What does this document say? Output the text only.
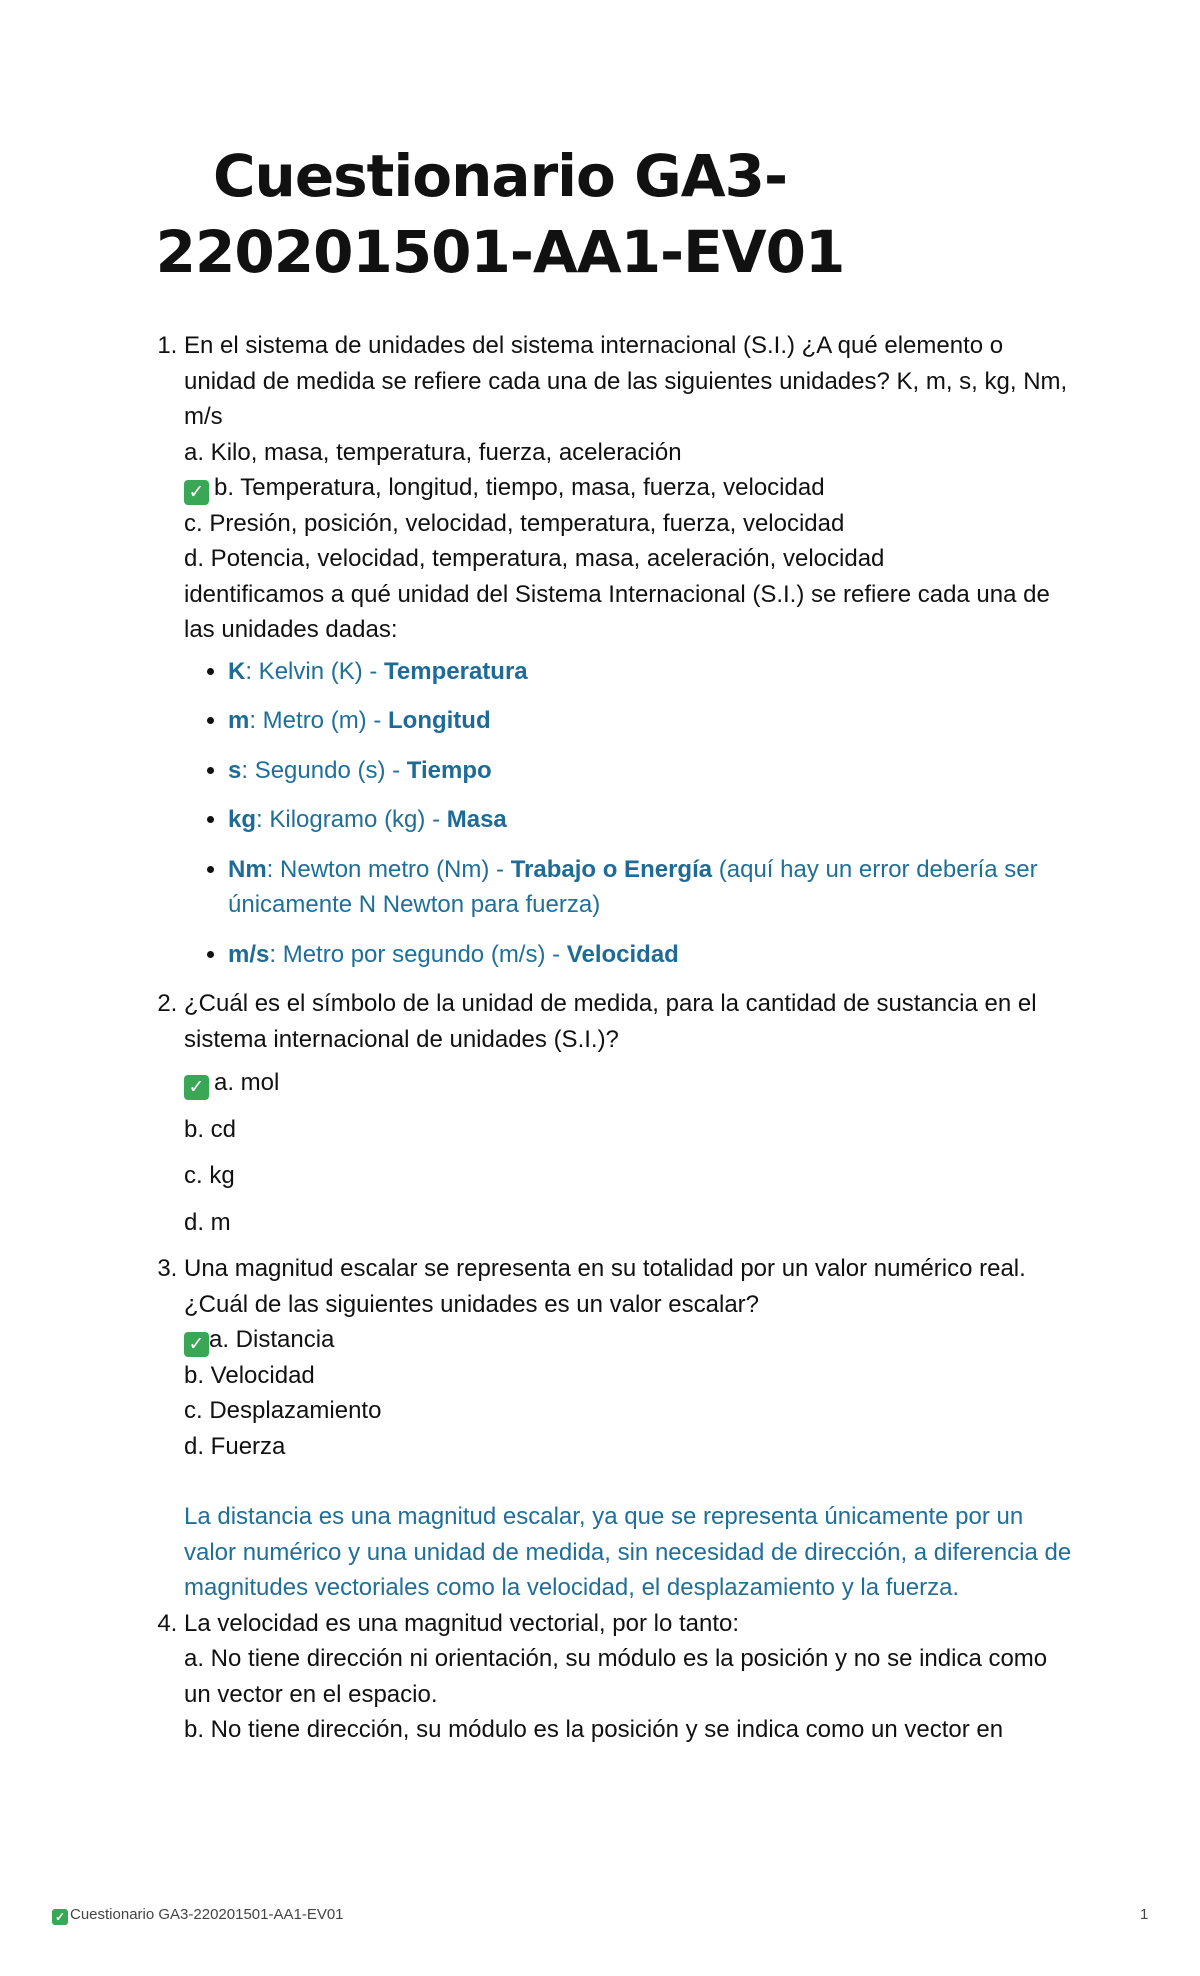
Cuestionario GA3-220201501-AA1-EV01
1. En el sistema de unidades del sistema internacional (S.I.) ¿A qué elemento o unidad de medida se refiere cada una de las siguientes unidades? K, m, s, kg, Nm, m/s
a. Kilo, masa, temperatura, fuerza, aceleración
✓ b. Temperatura, longitud, tiempo, masa, fuerza, velocidad
c. Presión, posición, velocidad, temperatura, fuerza, velocidad
d. Potencia, velocidad, temperatura, masa, aceleración, velocidad
identificamos a qué unidad del Sistema Internacional (S.I.) se refiere cada una de las unidades dadas:
• K: Kelvin (K) - Temperatura
• m: Metro (m) - Longitud
• s: Segundo (s) - Tiempo
• kg: Kilogramo (kg) - Masa
• Nm: Newton metro (Nm) - Trabajo o Energía (aquí hay un error debería ser únicamente N Newton para fuerza)
• m/s: Metro por segundo (m/s) - Velocidad
2. ¿Cuál es el símbolo de la unidad de medida, para la cantidad de sustancia en el sistema internacional de unidades (S.I.)?
✓ a. mol
b. cd
c. kg
d. m
3. Una magnitud escalar se representa en su totalidad por un valor numérico real. ¿Cuál de las siguientes unidades es un valor escalar?
✓ a. Distancia
b. Velocidad
c. Desplazamiento
d. Fuerza
La distancia es una magnitud escalar, ya que se representa únicamente por un valor numérico y una unidad de medida, sin necesidad de dirección, a diferencia de magnitudes vectoriales como la velocidad, el desplazamiento y la fuerza.
4. La velocidad es una magnitud vectorial, por lo tanto:
a. No tiene dirección ni orientación, su módulo es la posición y no se indica como un vector en el espacio.
b. No tiene dirección, su módulo es la posición y se indica como un vector en
✓ Cuestionario GA3-220201501-AA1-EV01	1
